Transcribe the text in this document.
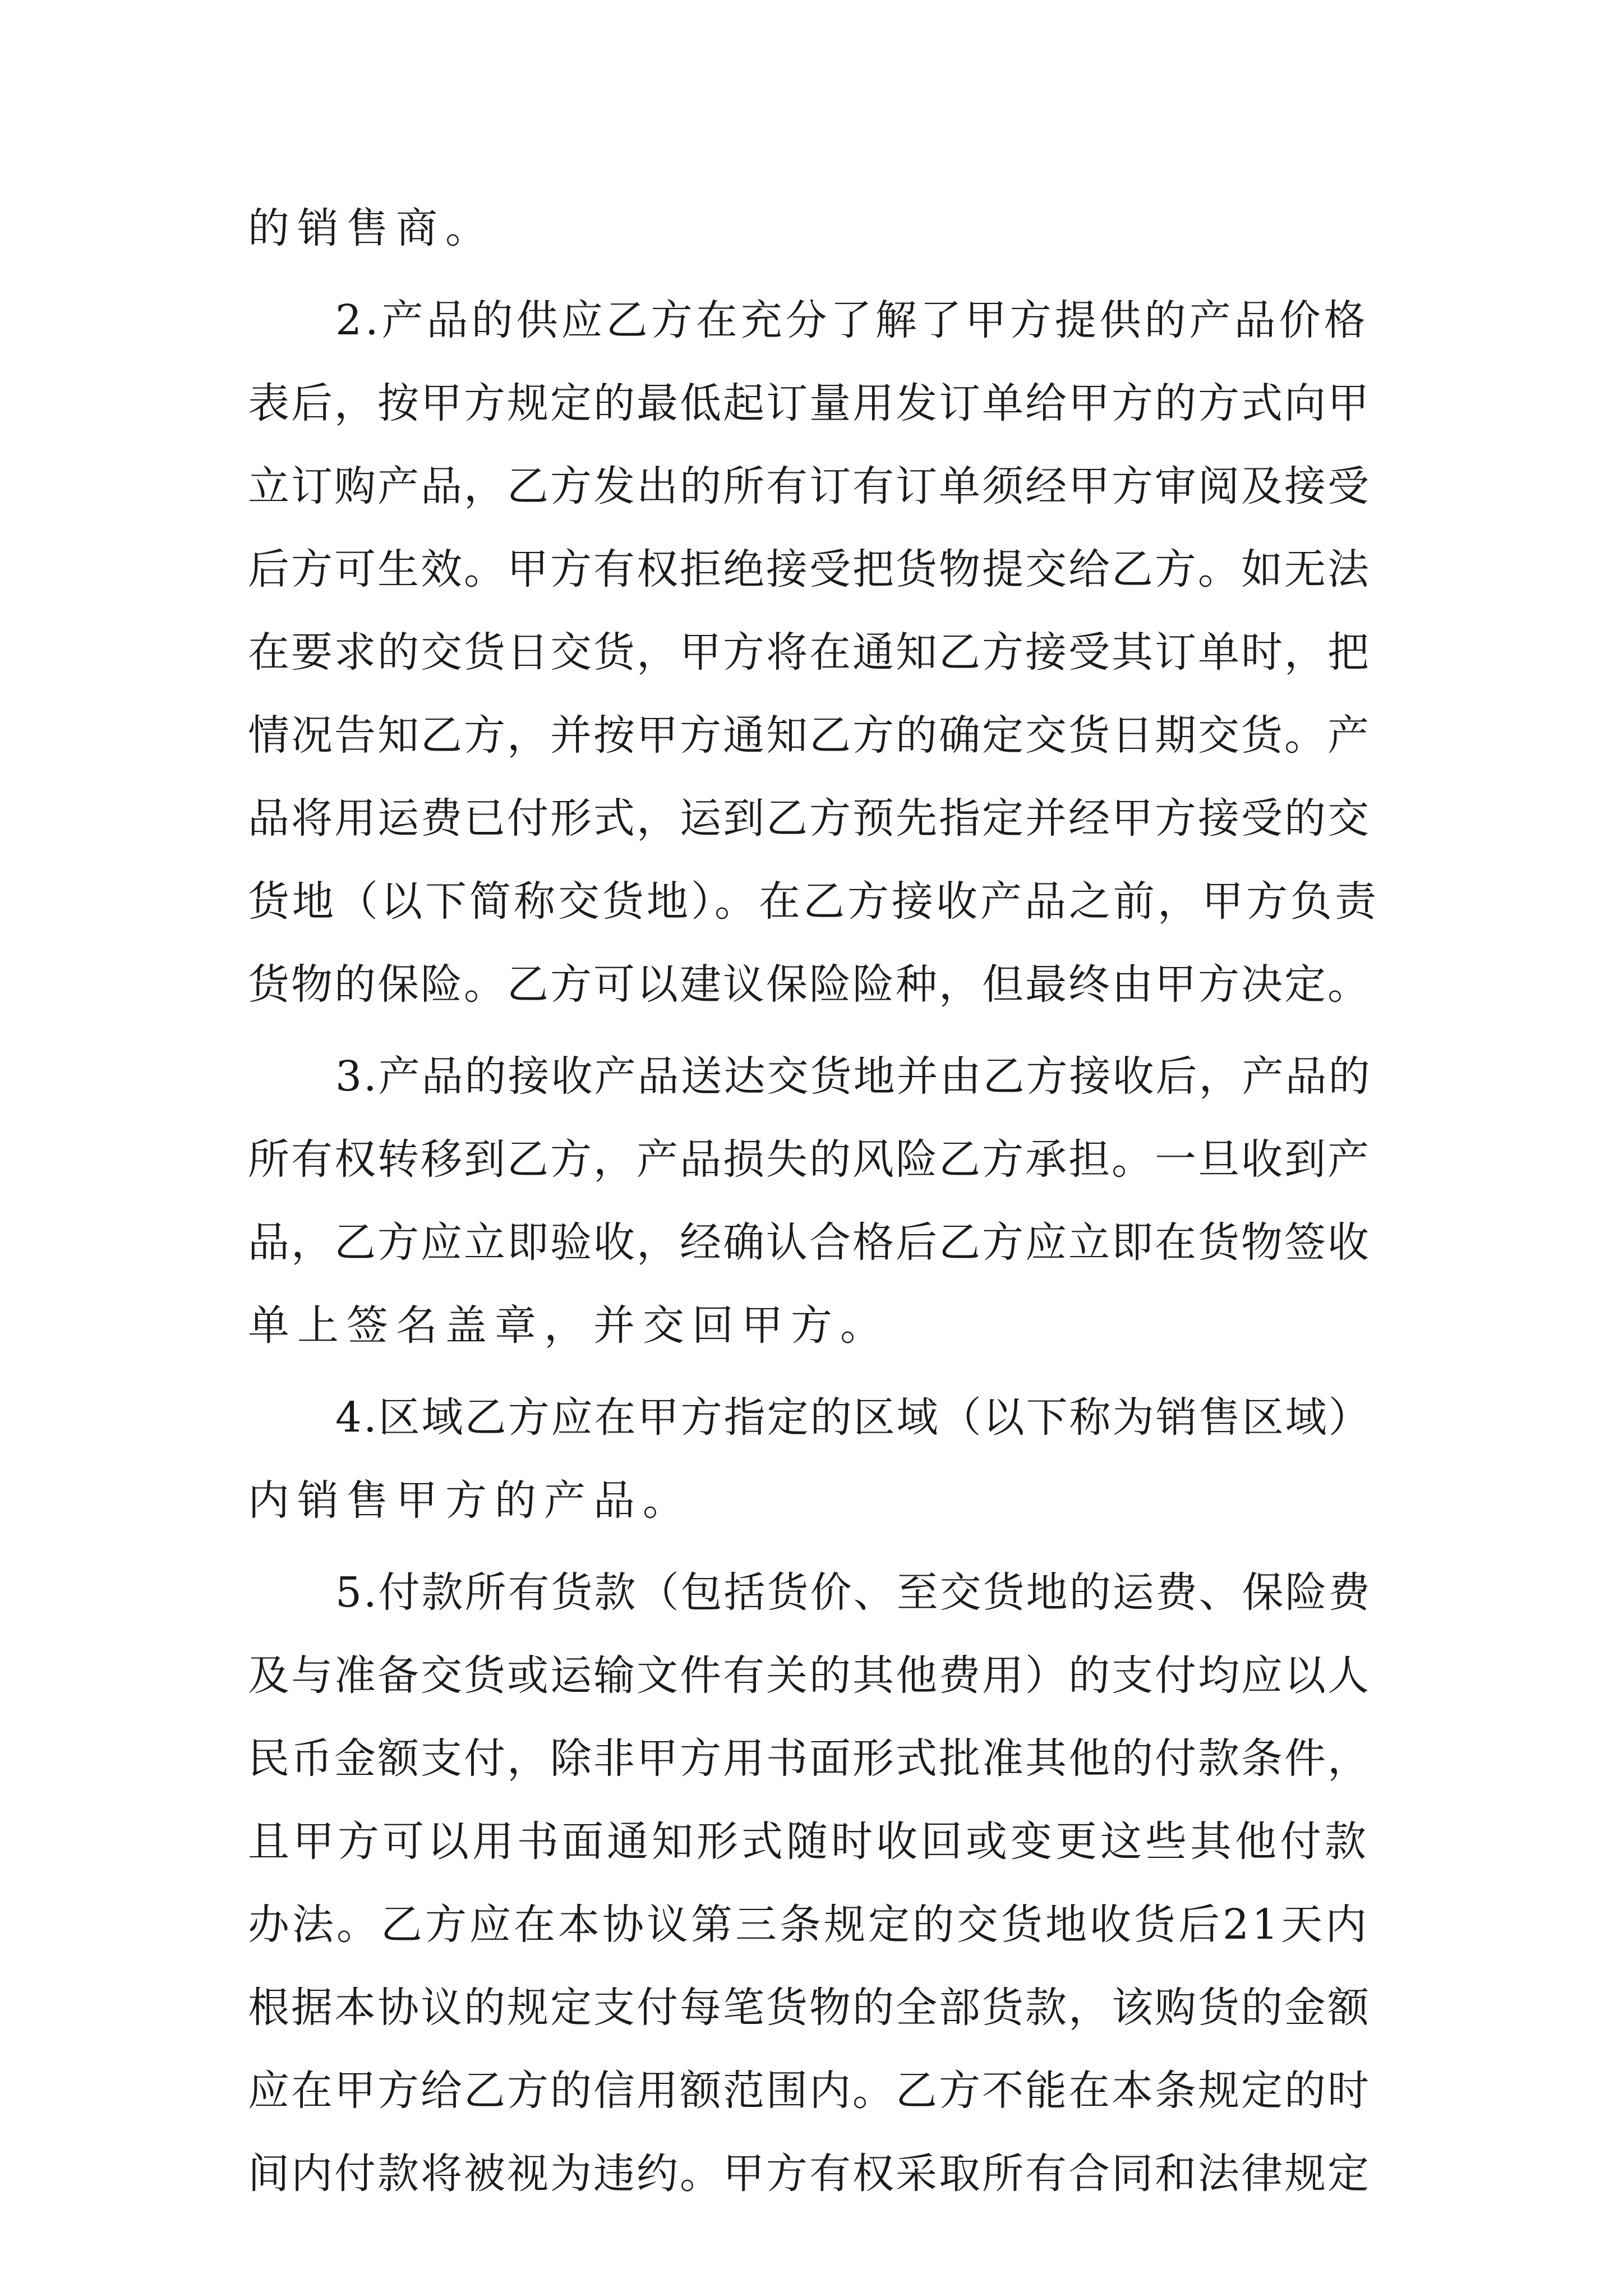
的销售商。
2.产品的供应乙方在充分了解了甲方提供的产品价格
表后，按甲方规定的最低起订量用发订单给甲方的方式向甲
立订购产品，乙方发出的所有订有订单须经甲方审阅及接受
后方可生效。甲方有权拒绝接受把货物提交给乙方。如无法
在要求的交货日交货，甲方将在通知乙方接受其订单时，把
情况告知乙方，并按甲方通知乙方的确定交货日期交货。产
品将用运费已付形式，运到乙方预先指定并经甲方接受的交
货地（以下简称交货地）。在乙方接收产品之前，甲方负责
货物的保险。乙方可以建议保险险种，但最终由甲方决定。
3.产品的接收产品送达交货地并由乙方接收后，产品的
所有权转移到乙方，产品损失的风险乙方承担。一旦收到产
品，乙方应立即验收，经确认合格后乙方应立即在货物签收
单上签名盖章，并交回甲方。
4.区域乙方应在甲方指定的区域（以下称为销售区域）
内销售甲方的产品。
5.付款所有货款（包括货价、至交货地的运费、保险费
及与准备交货或运输文件有关的其他费用）的支付均应以人
民币金额支付，除非甲方用书面形式批准其他的付款条件，
且甲方可以用书面通知形式随时收回或变更这些其他付款
办法。乙方应在本协议第三条规定的交货地收货后21天内
根据本协议的规定支付每笔货物的全部货款，该购货的金额
应在甲方给乙方的信用额范围内。乙方不能在本条规定的时
间内付款将被视为违约。甲方有权采取所有合同和法律规定
